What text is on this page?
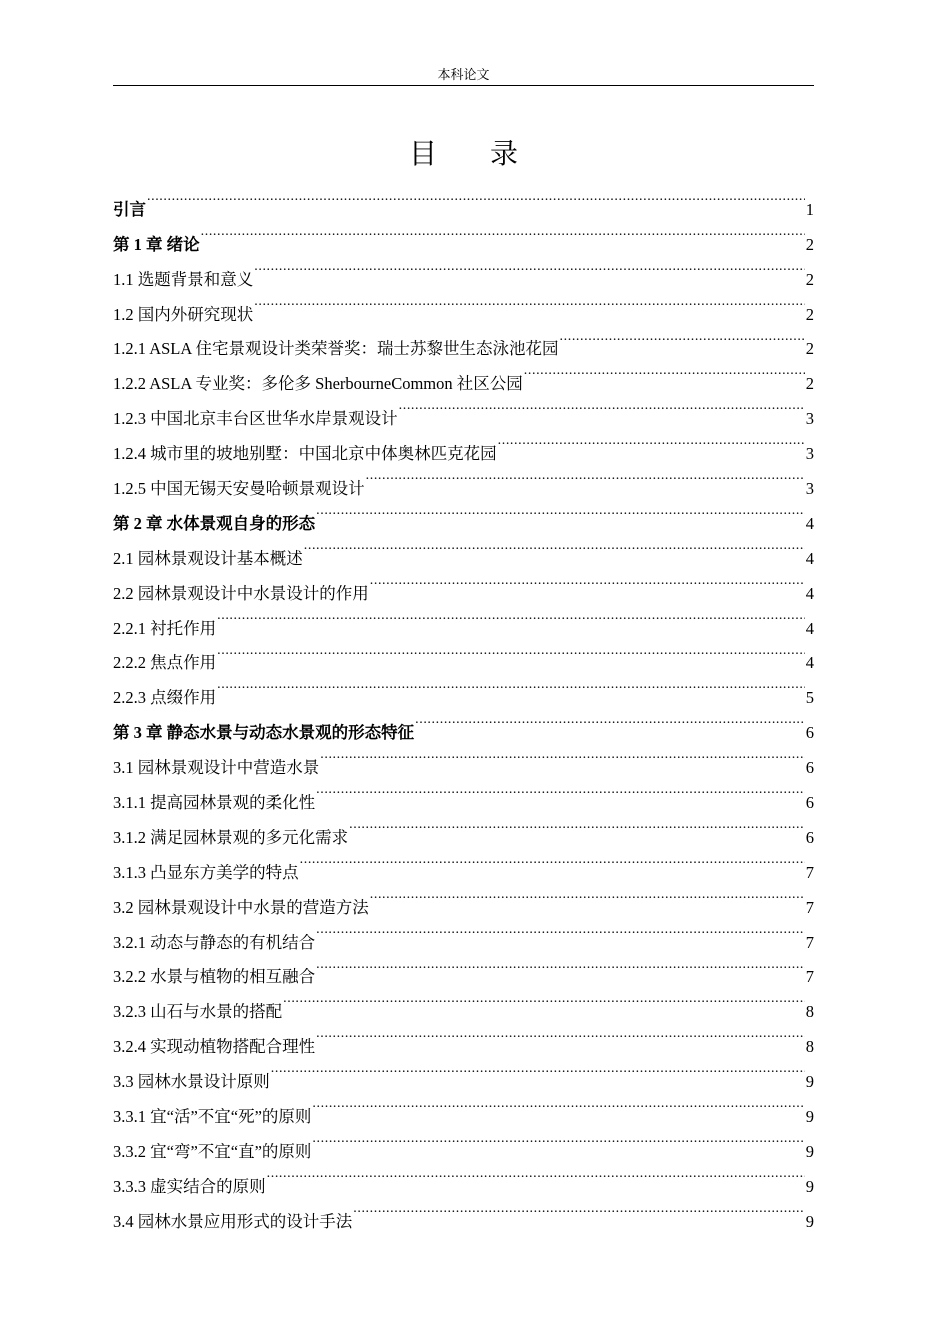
本科论文
目 录
引言 .....	1
第 1 章 绪论 .....	2
1.1 选题背景和意义 .....	2
1.2 国内外研究现状 .....	2
1.2.1 ASLA 住宅景观设计类荣誉奖：瑞士苏黎世生态泳池花园 .....	2
1.2.2 ASLA 专业奖：多伦多 SherbourneCommon 社区公园 .....	2
1.2.3 中国北京丰台区世华水岸景观设计 .....	3
1.2.4 城市里的坡地别墅：中国北京中体奥林匹克花园 .....	3
1.2.5 中国无锡天安曼哈顿景观设计 .....	3
第 2 章 水体景观自身的形态 .....	4
2.1 园林景观设计基本概述 .....	4
2.2 园林景观设计中水景设计的作用 .....	4
2.2.1 衬托作用 .....	4
2.2.2 焦点作用 .....	4
2.2.3 点缀作用 .....	5
第 3 章 静态水景与动态水景观的形态特征 .....	6
3.1 园林景观设计中营造水景 .....	6
3.1.1 提高园林景观的柔化性 .....	6
3.1.2 满足园林景观的多元化需求 .....	6
3.1.3 凸显东方美学的特点 .....	7
3.2 园林景观设计中水景的营造方法 .....	7
3.2.1 动态与静态的有机结合 .....	7
3.2.2 水景与植物的相互融合 .....	7
3.2.3 山石与水景的搭配 .....	8
3.2.4 实现动植物搭配合理性 .....	8
3.3 园林水景设计原则 .....	9
3.3.1 宜“活”不宜“死”的原则 .....	9
3.3.2 宜“弯”不宜“直”的原则 .....	9
3.3.3 虚实结合的原则 .....	9
3.4 园林水景应用形式的设计手法 .....	9
